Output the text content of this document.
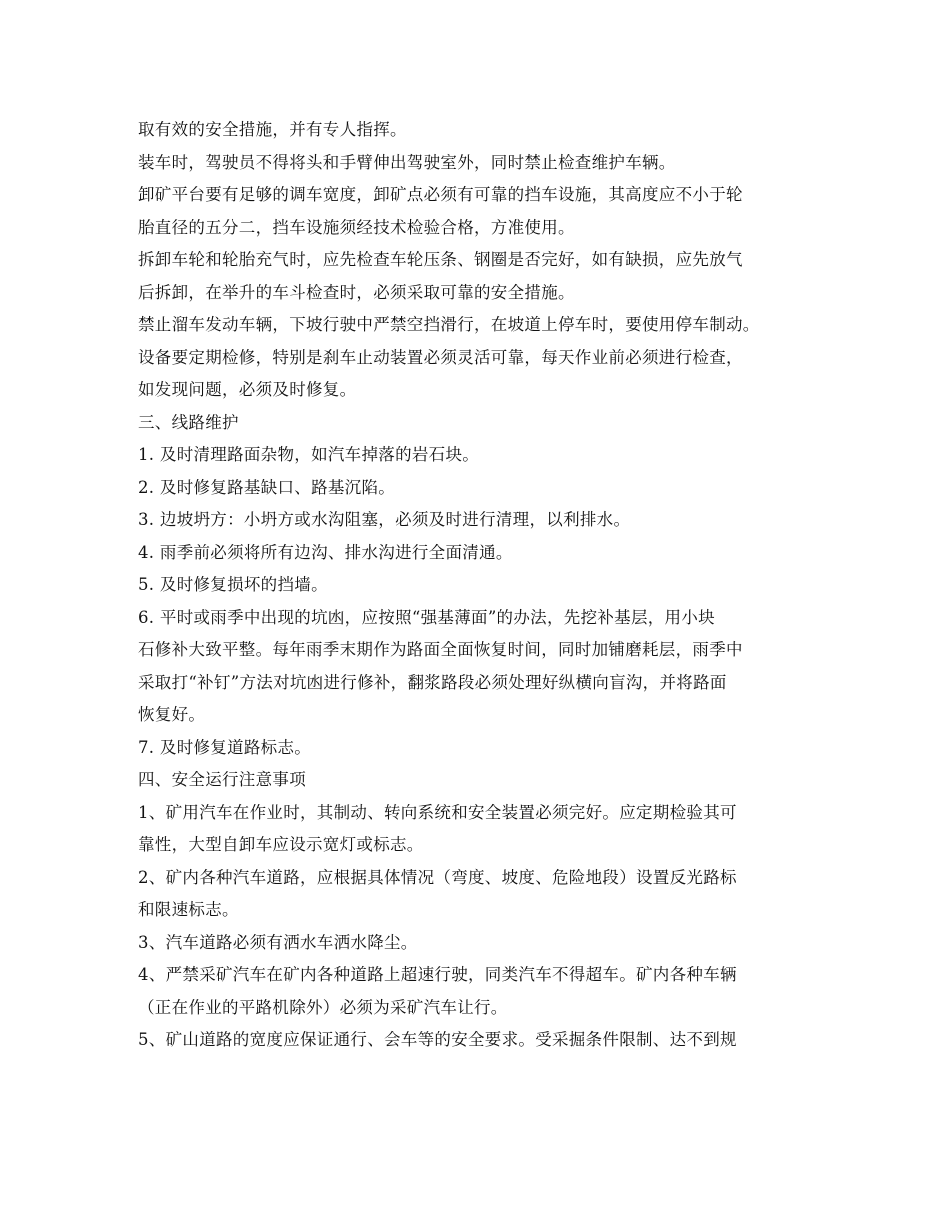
取有效的安全措施，并有专人指挥。
装车时，驾驶员不得将头和手臂伸出驾驶室外，同时禁止检查维护车辆。
卸矿平台要有足够的调车宽度，卸矿点必须有可靠的挡车设施，其高度应不小于轮
胎直径的五分二，挡车设施须经技术检验合格，方准使用。
拆卸车轮和轮胎充气时，应先检查车轮压条、钢圈是否完好，如有缺损，应先放气
后拆卸，在举升的车斗检查时，必须采取可靠的安全措施。
禁止溜车发动车辆，下坡行驶中严禁空挡滑行，在坡道上停车时，要使用停车制动。
设备要定期检修，特别是刹车止动装置必须灵活可靠，每天作业前必须进行检查，
如发现问题，必须及时修复。
三、线路维护
1. 及时清理路面杂物，如汽车掉落的岩石块。
2. 及时修复路基缺口、路基沉陷。
3. 边坡坍方：小坍方或水沟阻塞，必须及时进行清理，以利排水。
4. 雨季前必须将所有边沟、排水沟进行全面清通。
5. 及时修复损坏的挡墙。
6. 平时或雨季中出现的坑凼，应按照“强基薄面”的办法，先挖补基层，用小块
石修补大致平整。每年雨季末期作为路面全面恢复时间，同时加铺磨耗层，雨季中
采取打“补钉”方法对坑凼进行修补，翻浆路段必须处理好纵横向盲沟，并将路面
恢复好。
7. 及时修复道路标志。
四、安全运行注意事项
1、矿用汽车在作业时，其制动、转向系统和安全装置必须完好。应定期检验其可
靠性，大型自卸车应设示宽灯或标志。
2、矿内各种汽车道路，应根据具体情况（弯度、坡度、危险地段）设置反光路标
和限速标志。
3、汽车道路必须有洒水车洒水降尘。
4、严禁采矿汽车在矿内各种道路上超速行驶，同类汽车不得超车。矿内各种车辆
（正在作业的平路机除外）必须为采矿汽车让行。
5、矿山道路的宽度应保证通行、会车等的安全要求。受采掘条件限制、达不到规
